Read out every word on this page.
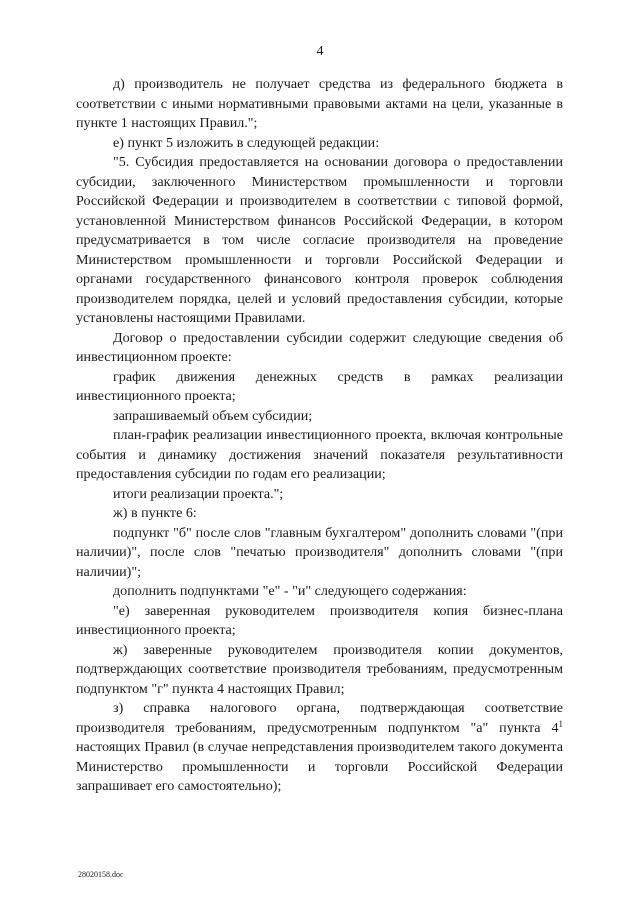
4

д) производитель не получает средства из федерального бюджета в соответствии с иными нормативными правовыми актами на цели, указанные в пункте 1 настоящих Правил.";

е) пункт 5 изложить в следующей редакции:

"5. Субсидия предоставляется на основании договора о предоставлении субсидии, заключенного Министерством промышленности и торговли Российской Федерации и производителем в соответствии с типовой формой, установленной Министерством финансов Российской Федерации, в котором предусматривается в том числе согласие производителя на проведение Министерством промышленности и торговли Российской Федерации и органами государственного финансового контроля проверок соблюдения производителем порядка, целей и условий предоставления субсидии, которые установлены настоящими Правилами.

Договор о предоставлении субсидии содержит следующие сведения об инвестиционном проекте:

график движения денежных средств в рамках реализации инвестиционного проекта;

запрашиваемый объем субсидии;

план-график реализации инвестиционного проекта, включая контрольные события и динамику достижения значений показателя результативности предоставления субсидии по годам его реализации;

итоги реализации проекта.";

ж) в пункте 6:

подпункт "б" после слов "главным бухгалтером" дополнить словами "(при наличии)", после слов "печатью производителя" дополнить словами "(при наличии)";

дополнить подпунктами "е" - "и" следующего содержания:

"е) заверенная руководителем производителя копия бизнес-плана инвестиционного проекта;

ж) заверенные руководителем производителя копии документов, подтверждающих соответствие производителя требованиям, предусмотренным подпунктом "г" пункта 4 настоящих Правил;

з) справка налогового органа, подтверждающая соответствие производителя требованиям, предусмотренным подпунктом "а" пункта $4^1$ настоящих Правил (в случае непредставления производителем такого документа Министерство промышленности и торговли Российской Федерации запрашивает его самостоятельно);

28020158.doc
